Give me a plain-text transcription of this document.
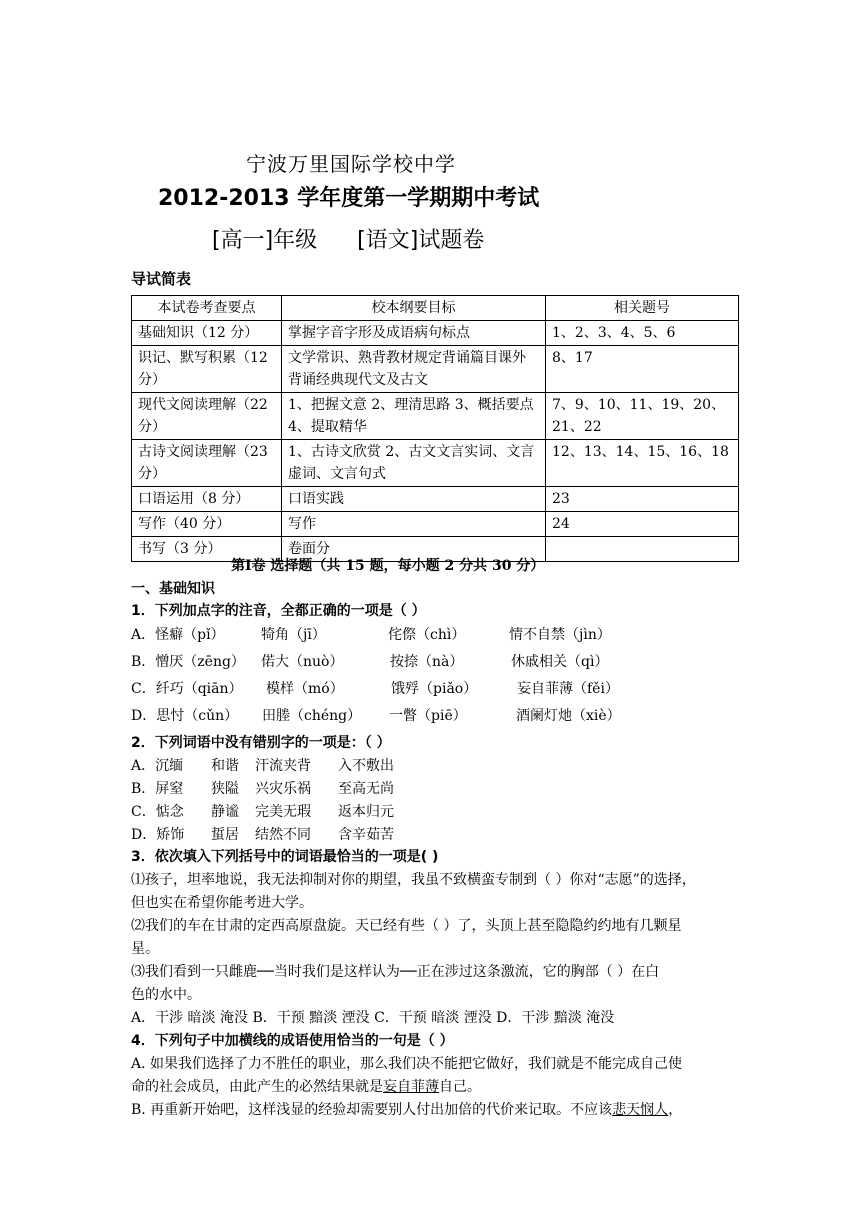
宁波万里国际学校中学
2012-2013 学年度第一学期期中考试
[高一]年级 [语文]试题卷
导试简表
本试卷考查要点	校本纲要目标	相关题号
基础知识（12 分）	掌握字音字形及成语病句标点	1、2、3、4、5、6
识记、默写积累（12 分）	文学常识、熟背教材规定背诵篇目课外背诵经典现代文及古文	8、17
现代文阅读理解（22 分）	1、把握文意 2、理清思路 3、概括要点 4、提取精华	7、9、10、11、19、20、21、22
古诗文阅读理解（23 分）	1、古诗文欣赏 2、古文文言实词、文言虚词、文言句式	12、13、14、15、16、18
口语运用（8 分）	口语实践	23
写作（40 分）	写作	24
书写（3 分）	卷面分	
第Ⅰ卷 选择题（共 15 题，每小题 2 分共 30 分）
一、基础知识
1．下列加点字的注音，全都正确的一项是（ ）
A．怪癖（pǐ）	犄角（jī）	侘傺（chì）	情不自禁（jìn）
B．憎厌（zēng） 偌大（nuò）	按捺（nà）	休戚相关（qì）
C．纤巧（qiān） 模样（mó）	饿殍（piǎo）	妄自菲薄（fěi）
D．思忖（cǔn） 田塍（chéng） 一瞥（piē）	酒阑灯灺（xiè）
2．下列词语中没有错别字的一项是：（ ）
A．沉缅 和谐 汗流夹背 入不敷出
B．屏窒 狭隘 兴灾乐祸 至高无尚
C．惦念 静谧 完美无瑕 返本归元
D．矫饰 蜇居 结然不同 含辛茹苦
3．依次填入下列括号中的词语最恰当的一项是( )
⑴孩子，坦率地说，我无法抑制对你的期望，我虽不致横蛮专制到（ ）你对“志愿”的选择，
但也实在希望你能考进大学。
⑵我们的车在甘肃的定西高原盘旋。天已经有些（ ）了，头顶上甚至隐隐约约地有几颗星
星。
⑶我们看到一只雌鹿──当时我们是这样认为──正在涉过这条激流，它的胸部（ ）在白
色的水中。
A．干涉 暗淡 淹没 B．干预 黯淡 湮没 C．干预 暗淡 湮没 D．干涉 黯淡 淹没
4．下列句子中加横线的成语使用恰当的一句是（ ）
A. 如果我们选择了力不胜任的职业，那么我们决不能把它做好，我们就是不能完成自己使
命的社会成员，由此产生的必然结果就是妄自菲薄自己。
B. 再重新开始吧，这样浅显的经验却需要别人付出加倍的代价来记取。不应该悲天悯人，
